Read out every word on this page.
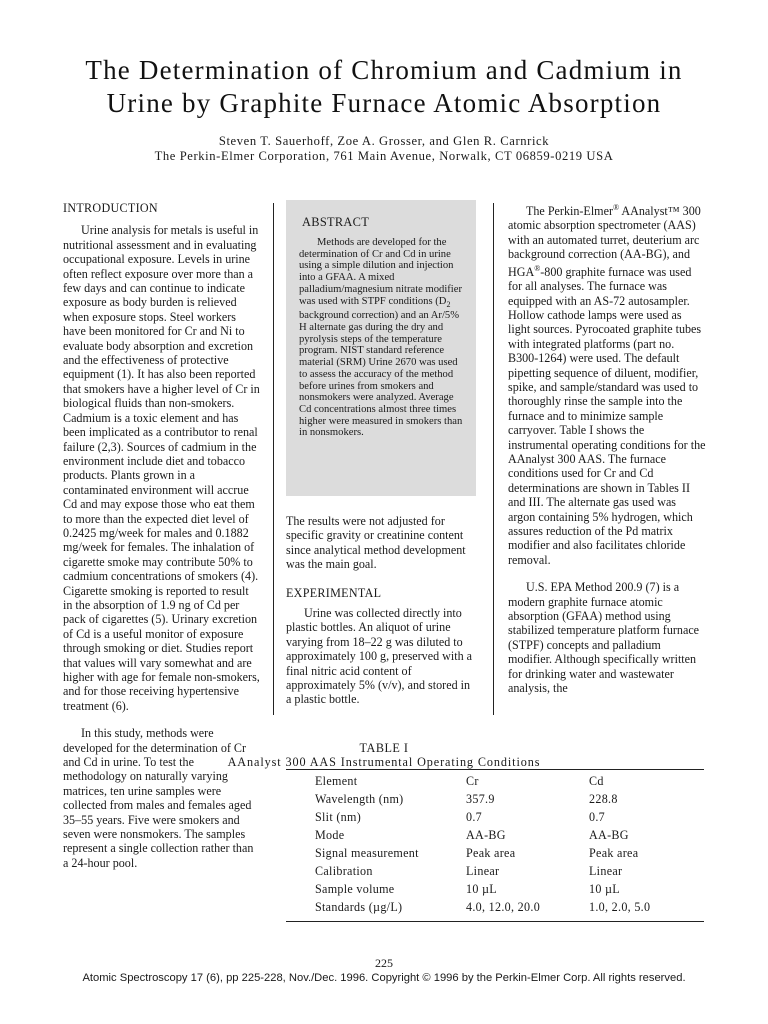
The Determination of Chromium and Cadmium in
Urine by Graphite Furnace Atomic Absorption
Steven T. Sauerhoff, Zoe A. Grosser, and Glen R. Carnrick
The Perkin-Elmer Corporation, 761 Main Avenue, Norwalk, CT 06859-0219 USA

INTRODUCTION

Urine analysis for metals is useful in nutritional assessment and in evaluating occupational exposure. Levels in urine often reflect exposure over more than a few days and can continue to indicate exposure as body burden is relieved when exposure stops. Steel workers have been monitored for Cr and Ni to evaluate body absorption and excretion and the effectiveness of protective equipment (1). It has also been reported that smokers have a higher level of Cr in biological fluids than non-smokers. Cadmium is a toxic element and has been implicated as a contributor to renal failure (2,3). Sources of cadmium in the environment include diet and tobacco products. Plants grown in a contaminated environment will accrue Cd and may expose those who eat them to more than the expected diet level of 0.2425 mg/week for males and 0.1882 mg/week for females. The inhalation of cigarette smoke may contribute 50% to cadmium concentrations of smokers (4). Cigarette smoking is reported to result in the absorption of 1.9 ng of Cd per pack of cigarettes (5). Urinary excretion of Cd is a useful monitor of exposure through smoking or diet. Studies report that values will vary somewhat and are higher with age for female non-smokers, and for those receiving hypertensive treatment (6).

In this study, methods were developed for the determination of Cr and Cd in urine. To test the methodology on naturally varying matrices, ten urine samples were collected from males and females aged 35–55 years. Five were smokers and seven were nonsmokers. The samples represent a single collection rather than a 24-hour pool.

ABSTRACT

Methods are developed for the determination of Cr and Cd in urine using a simple dilution and injection into a GFAA. A mixed palladium/magnesium nitrate modifier was used with STPF conditions ($D_2$ background correction) and an Ar/5% H alternate gas during the dry and pyrolysis steps of the temperature program. NIST standard reference material (SRM) Urine 2670 was used to assess the accuracy of the method before urines from smokers and nonsmokers were analyzed. Average Cd concentrations almost three times higher were measured in smokers than in nonsmokers.

The results were not adjusted for specific gravity or creatinine content since analytical method development was the main goal.

EXPERIMENTAL

Urine was collected directly into plastic bottles. An aliquot of urine varying from 18–22 g was diluted to approximately 100 g, preserved with a final nitric acid content of approximately 5% (v/v), and stored in a plastic bottle.

The Perkin-Elmer® AAnalyst™ 300 atomic absorption spectrometer (AAS) with an automated turret, deuterium arc background correction (AA-BG), and HGA®-800 graphite furnace was used for all analyses. The furnace was equipped with an AS-72 autosampler. Hollow cathode lamps were used as light sources. Pyrocoated graphite tubes with integrated platforms (part no. B300-1264) were used. The default pipetting sequence of diluent, modifier, spike, and sample/standard was used to thoroughly rinse the sample into the furnace and to minimize sample carryover. Table I shows the instrumental operating conditions for the AAnalyst 300 AAS. The furnace conditions used for Cr and Cd determinations are shown in Tables II and III. The alternate gas used was argon containing 5% hydrogen, which assures reduction of the Pd matrix modifier and also facilitates chloride removal.

U.S. EPA Method 200.9 (7) is a modern graphite furnace atomic absorption (GFAA) method using stabilized temperature platform furnace (STPF) concepts and palladium modifier. Although specifically written for drinking water and wastewater analysis, the

TABLE I
AAnalyst 300 AAS Instrumental Operating Conditions
Element	Cr	Cd
Wavelength (nm)	357.9	228.8
Slit (nm)	0.7	0.7
Mode	AA-BG	AA-BG
Signal measurement	Peak area	Peak area
Calibration	Linear	Linear
Sample volume	10 µL	10 µL
Standards (µg/L)	4.0, 12.0, 20.0	1.0, 2.0, 5.0
225
Atomic Spectroscopy 17 (6), pp 225-228, Nov./Dec. 1996. Copyright © 1996 by the Perkin-Elmer Corp. All rights reserved.
